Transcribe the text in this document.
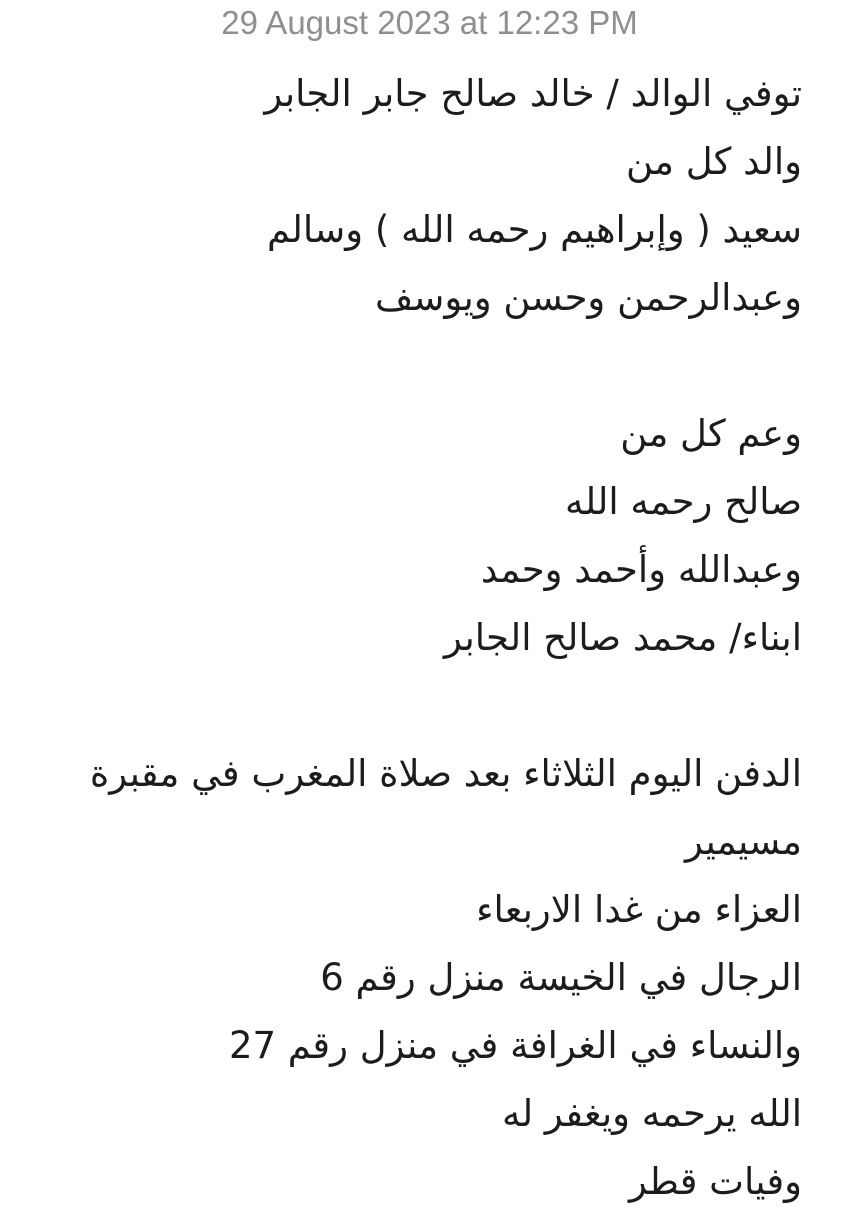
29 August 2023 at 12:23 PM
توفي الوالد / خالد صالح جابر الجابر
والد كل من
سعيد ( وإبراهيم رحمه الله ) وسالم
وعبدالرحمن وحسن ويوسف
وعم كل من
صالح رحمه الله
وعبدالله وأحمد وحمد
ابناء/ محمد صالح الجابر
الدفن اليوم الثلاثاء بعد صلاة المغرب في مقبرة
مسيمير
العزاء من غدا الاربعاء
الرجال في الخيسة منزل رقم 6
والنساء في الغرافة في منزل رقم 27
الله يرحمه ويغفر له
وفيات قطر
